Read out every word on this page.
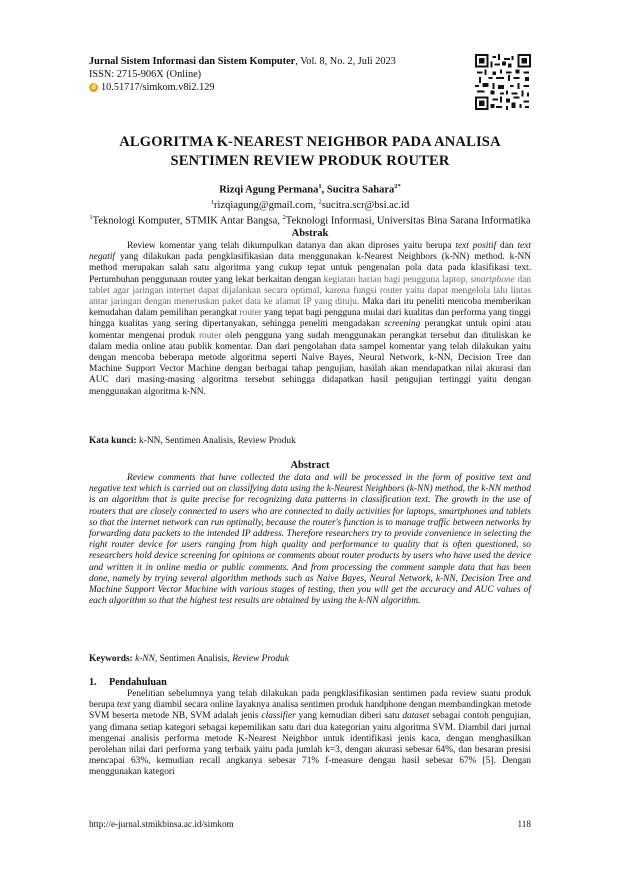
Jurnal Sistem Informasi dan Sistem Komputer, Vol. 8, No. 2, Juli 2023
ISSN: 2715-906X (Online)
d 10.51717/simkom.v8i2.129
ALGORITMA K-NEAREST NEIGHBOR PADA ANALISA
SENTIMEN REVIEW PRODUK ROUTER
Rizqi Agung Permana$^1$, Sucitra Sahara$^{2*}$
$^1$rizqiagung@gmail.com, $^2$sucitra.scr@bsi.ac.id
$^1$Teknologi Komputer, STMIK Antar Bangsa, $^2$Teknologi Informasi, Universitas Bina Sarana Informatika
Abstrak
Review komentar yang telah dikumpulkan datanya dan akan diproses yaitu berupa text positif dan text negatif yang dilakukan pada pengklasifikasian data menggunakan k-Nearest Neighbors (k-NN) method. k-NN method merupakan salah satu algoritma yang cukup tepat untuk pengenalan pola data pada klasifikasi text. Pertumbuhan penggunaan router yang lekat berkaitan dengan kegiatan harian bagi pengguna laptop, smartphone dan tablet agar jaringan internet dapat dijalankan secara optimal, karena fungsi router yaitu dapat mengelola lalu lintas antar jaringan dengan meneruskan paket data ke alamat IP yang dituju. Maka dari itu peneliti mencoba memberikan kemudahan dalam pemilihan perangkat router yang tepat bagi pengguna mulai dari kualitas dan performa yang tinggi hingga kualitas yang sering dipertanyakan, sehingga peneliti mengadakan screening perangkat untuk opini atau komentar mengenai produk router oleh pengguna yang sudah menggunakan perangkat tersebut dan dituliskan ke dalam media online atau publik komentar. Dan dari pengolahan data sampel komentar yang telah dilakukan yaitu dengan mencoba beberapa metode algoritma seperti Naive Bayes, Neural Network, k-NN, Decision Tree dan Machine Support Vector Machine dengan berbagai tahap pengujian, hasilah akan mendapatkan nilai akurasi dan AUC dari masing-masing algoritma tersebut sehingga didapatkan hasil pengujian tertinggi yaitu dengan menggunakan algoritma k-NN.
Kata kunci: k-NN, Sentimen Analisis, Review Produk
Abstract
Review comments that have collected the data and will be processed in the form of positive text and negative text which is carried out on classifying data using the k-Nearest Neighbors (k-NN) method, the k-NN method is an algorithm that is quite precise for recognizing data patterns in classification text. The growth in the use of routers that are closely connected to users who are connected to daily activities for laptops, smartphones and tablets so that the internet network can run optimally, because the router's function is to manage traffic between networks by forwarding data packets to the intended IP address. Therefore researchers try to provide convenience in selecting the right router device for users ranging from high quality and performance to quality that is often questioned, so researchers hold device screening for opinions or comments about router products by users who have used the device and written it in online media or public comments. And from processing the comment sample data that has been done, namely by trying several algorithm methods such as Naive Bayes, Neural Network, k-NN, Decision Tree and Machine Support Vector Machine with various stages of testing, then you will get the accuracy and AUC values of each algorithm so that the highest test results are obtained by using the k-NN algorithm.
Keywords: k-NN, Sentimen Analisis, Review Produk
1. Pendahuluan
Penelitian sebelumnya yang telah dilakukan pada pengklasifikasian sentimen pada review suatu produk berupa text yang diambil secara online layaknya analisa sentimen produk handphone dengan membandingkan metode SVM beserta metode NB, SVM adalah jenis classifier yang kemudian diberi satu dataset sebagai contoh pengujian, yang dimana setiap kategori sebagai kepemilikan satu dari dua kategorian yaitu algoritma SVM. Diambil dari jurnal mengenai analisis performa metode K-Nearest Neighbor untuk identifikasi jenis kaca, dengan menghasilkan perolehan nilai dari performa yang terbaik yaitu pada jumlah k=3, dengan akurasi sebesar 64%, dan besaran presisi mencapai 63%, kemudian recall angkanya sebesar 71% f-measure dengan hasil sebesar 67% [5]. Dengan menggunakan kategori
http://e-jurnal.stmikbinsa.ac.id/simkom	118
